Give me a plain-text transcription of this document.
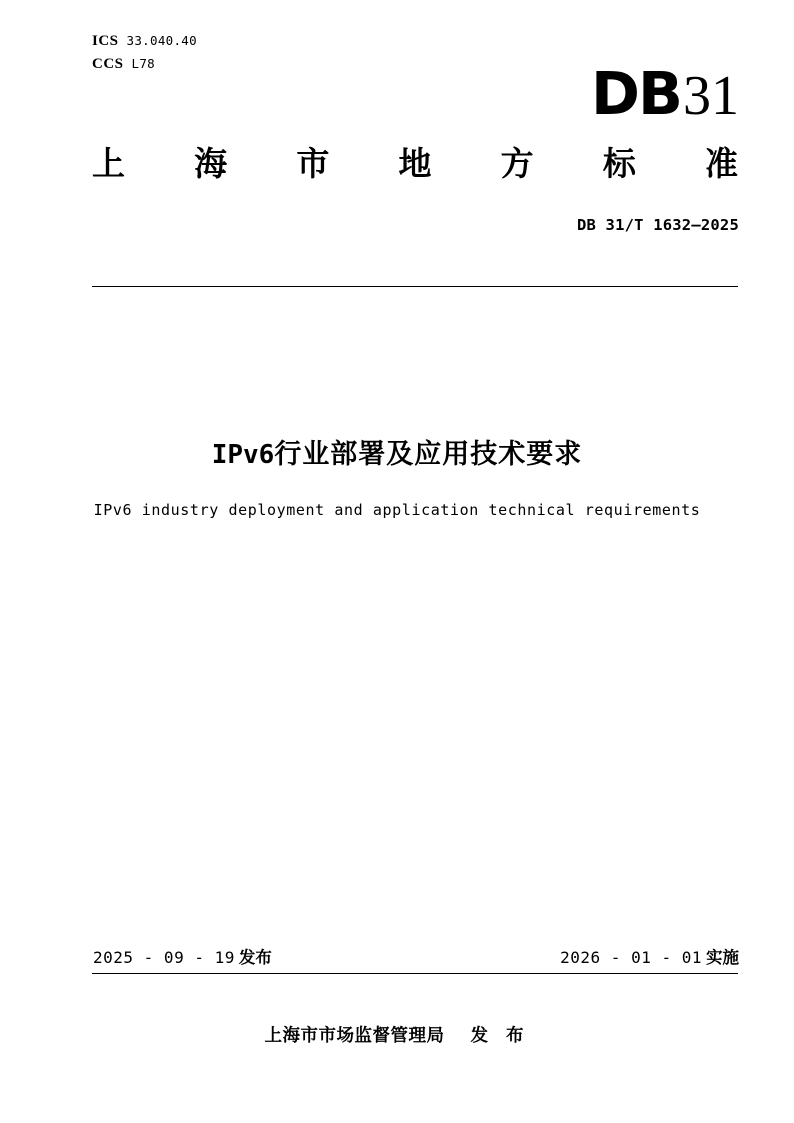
ICS 33.040.40
CCS L78	DB 31
上海市地方标准
DB 31/T 1632—2025
IPv6行业部署及应用技术要求
IPv6 industry deployment and application technical requirements
2025 - 09 - 19 发布	2026 - 01 - 01 实施
上海市市场监督管理局 发 布
